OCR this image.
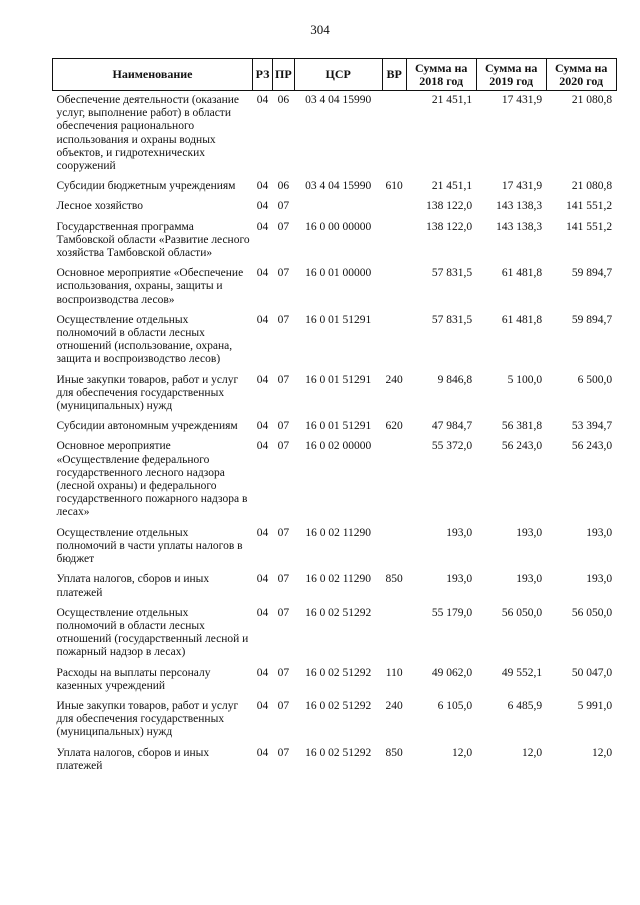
304
Наименование	РЗ	ПР	ЦСР	ВР	Сумма на 2018 год	Сумма на 2019 год	Сумма на 2020 год
Обеспечение деятельности (оказание услуг, выполнение работ) в области обеспечения рационального использования и охраны водных объектов, и гидротехнических сооружений	04	06	03 4 04 15990		21 451,1	17 431,9	21 080,8
Субсидии бюджетным учреждениям	04	06	03 4 04 15990	610	21 451,1	17 431,9	21 080,8
Лесное хозяйство	04	07			138 122,0	143 138,3	141 551,2
Государственная программа Тамбовской области «Развитие лесного хозяйства Тамбовской области»	04	07	16 0 00 00000		138 122,0	143 138,3	141 551,2
Основное мероприятие «Обеспечение использования, охраны, защиты и воспроизводства лесов»	04	07	16 0 01 00000		57 831,5	61 481,8	59 894,7
Осуществление отдельных полномочий в области лесных отношений (использование, охрана, защита и воспроизводство лесов)	04	07	16 0 01 51291		57 831,5	61 481,8	59 894,7
Иные закупки товаров, работ и услуг для обеспечения государственных (муниципальных) нужд	04	07	16 0 01 51291	240	9 846,8	5 100,0	6 500,0
Субсидии автономным учреждениям	04	07	16 0 01 51291	620	47 984,7	56 381,8	53 394,7
Основное мероприятие «Осуществление федерального государственного лесного надзора (лесной охраны) и федерального государственного пожарного надзора в лесах»	04	07	16 0 02 00000		55 372,0	56 243,0	56 243,0
Осуществление отдельных полномочий в части уплаты налогов в бюджет	04	07	16 0 02 11290		193,0	193,0	193,0
Уплата налогов, сборов и иных платежей	04	07	16 0 02 11290	850	193,0	193,0	193,0
Осуществление отдельных полномочий в области лесных отношений (государственный лесной и пожарный надзор в лесах)	04	07	16 0 02 51292		55 179,0	56 050,0	56 050,0
Расходы на выплаты персоналу казенных учреждений	04	07	16 0 02 51292	110	49 062,0	49 552,1	50 047,0
Иные закупки товаров, работ и услуг для обеспечения государственных (муниципальных) нужд	04	07	16 0 02 51292	240	6 105,0	6 485,9	5 991,0
Уплата налогов, сборов и иных платежей	04	07	16 0 02 51292	850	12,0	12,0	12,0
